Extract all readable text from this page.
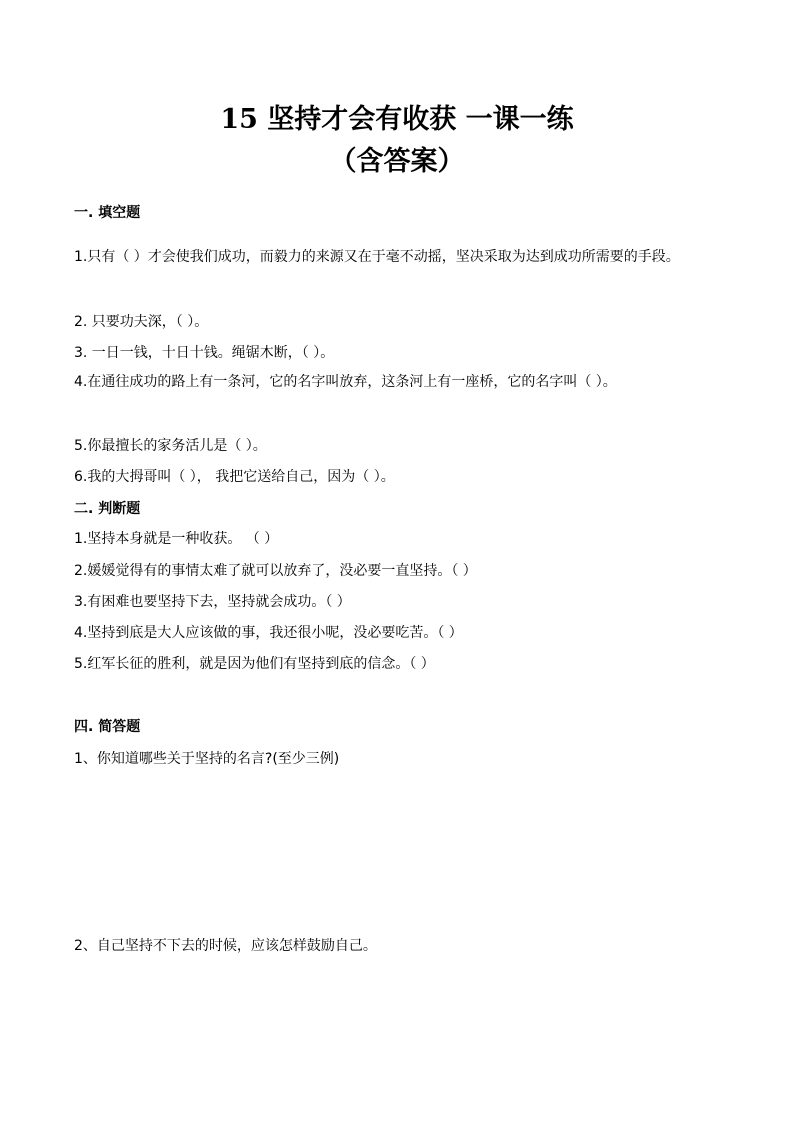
15 坚持才会有收获 一课一练
（含答案）
一. 填空题
1.只有（ ）才会使我们成功，而毅力的来源又在于毫不动摇，坚决采取为达到成功所需要的手段。
2. 只要功夫深，（ ）。
3. 一日一钱，十日十钱。绳锯木断，（ ）。
4.在通往成功的路上有一条河，它的名字叫放弃，这条河上有一座桥，它的名字叫（ ）。
5.你最擅长的家务活儿是（ ）。
6.我的大拇哥叫（ ）， 我把它送给自己，因为（ ）。
二. 判断题
1.坚持本身就是一种收获。 （ ）
2.媛媛觉得有的事情太难了就可以放弃了，没必要一直坚持。（ ）
3.有困难也要坚持下去，坚持就会成功。（ ）
4.坚持到底是大人应该做的事，我还很小呢，没必要吃苦。（ ）
5.红军长征的胜利，就是因为他们有坚持到底的信念。（ ）
四. 简答题
1、你知道哪些关于坚持的名言?(至少三例)
2、自己坚持不下去的时候，应该怎样鼓励自己。
